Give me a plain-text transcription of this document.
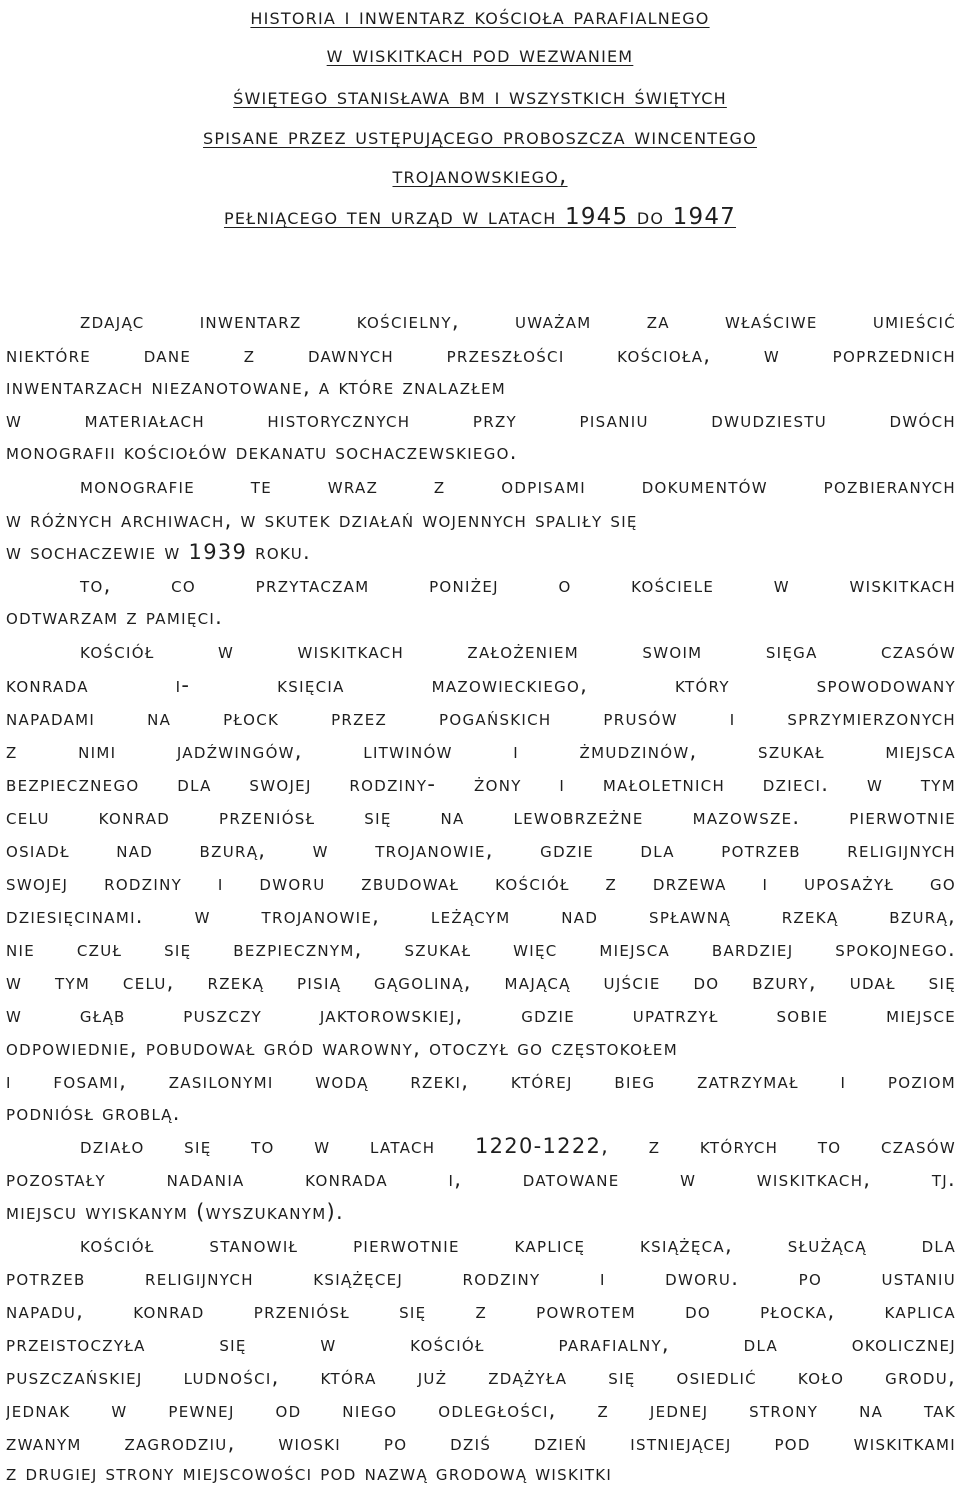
historia i inwentarz kościoła parafialnego
w wiskitkach pod wezwaniem
świętego stanisława bm i wszystkich świętych
spisane przez ustępującego proboszcza wincentego
trojanowskiego,
pełniącego ten urząd w latach 1945 do 1947
zdając inwentarz kościelny, uważam za właściwe umieścić
niektóre dane z dawnych przeszłości kościoła, w poprzednich
inwentarzach niezanotowane, a które znalazłem
w materiałach historycznych przy pisaniu dwudziestu dwóch
monografii kościołów dekanatu sochaczewskiego.
monografie te wraz z odpisami dokumentów pozbieranych
w różnych archiwach, w skutek działań wojennych spaliły się
w sochaczewie w 1939 roku.
to, co przytaczam poniżej o kościele w wiskitkach
odtwarzam z pamięci.
kościół w wiskitkach założeniem swoim sięga czasów
konrada i- księcia mazowieckiego, który spowodowany
napadami na płock przez pogańskich prusów i sprzymierzonych
z nimi jadźwingów, litwinów i żmudzinów, szukał miejsca
bezpiecznego dla swojej rodziny- żony i małoletnich dzieci. w tym
celu konrad przeniósł się na lewobrzeżne mazowsze. pierwotnie
osiadł nad bzurą, w trojanowie, gdzie dla potrzeb religijnych
swojej rodziny i dworu zbudował kościół z drzewa i uposażył go
dziesięcinami. w trojanowie, leżącym nad spławną rzeką bzurą,
nie czuł się bezpiecznym, szukał więc miejsca bardziej spokojnego.
w tym celu, rzeką pisią gągoliną, mającą ujście do bzury, udał się
w głąb puszczy jaktorowskiej, gdzie upatrzył sobie miejsce
odpowiednie, pobudował gród warowny, otoczył go częstokołem
i fosami, zasilonymi wodą rzeki, której bieg zatrzymał i poziom
podniósł groblą.
działo się to w latach 1220-1222, z których to czasów
pozostały nadania konrada i, datowane w wiskitkach, tj.
miejscu wyiskanym (wyszukanym).
kościół stanowił pierwotnie kaplicę książęca, służącą dla
potrzeb religijnych książęcej rodziny i dworu. po ustaniu
napadu, konrad przeniósł się z powrotem do płocka, kaplica
przeistoczyła się w kościół parafialny, dla okolicznej
puszczańskiej ludności, która już zdążyła się osiedlić koło grodu,
jednak w pewnej od niego odległości, z jednej strony na tak
zwanym zagrodziu, wioski po dziś dzień istniejącej pod wiskitkami
z drugiej strony miejscowości pod nazwą grodową wiskitki
